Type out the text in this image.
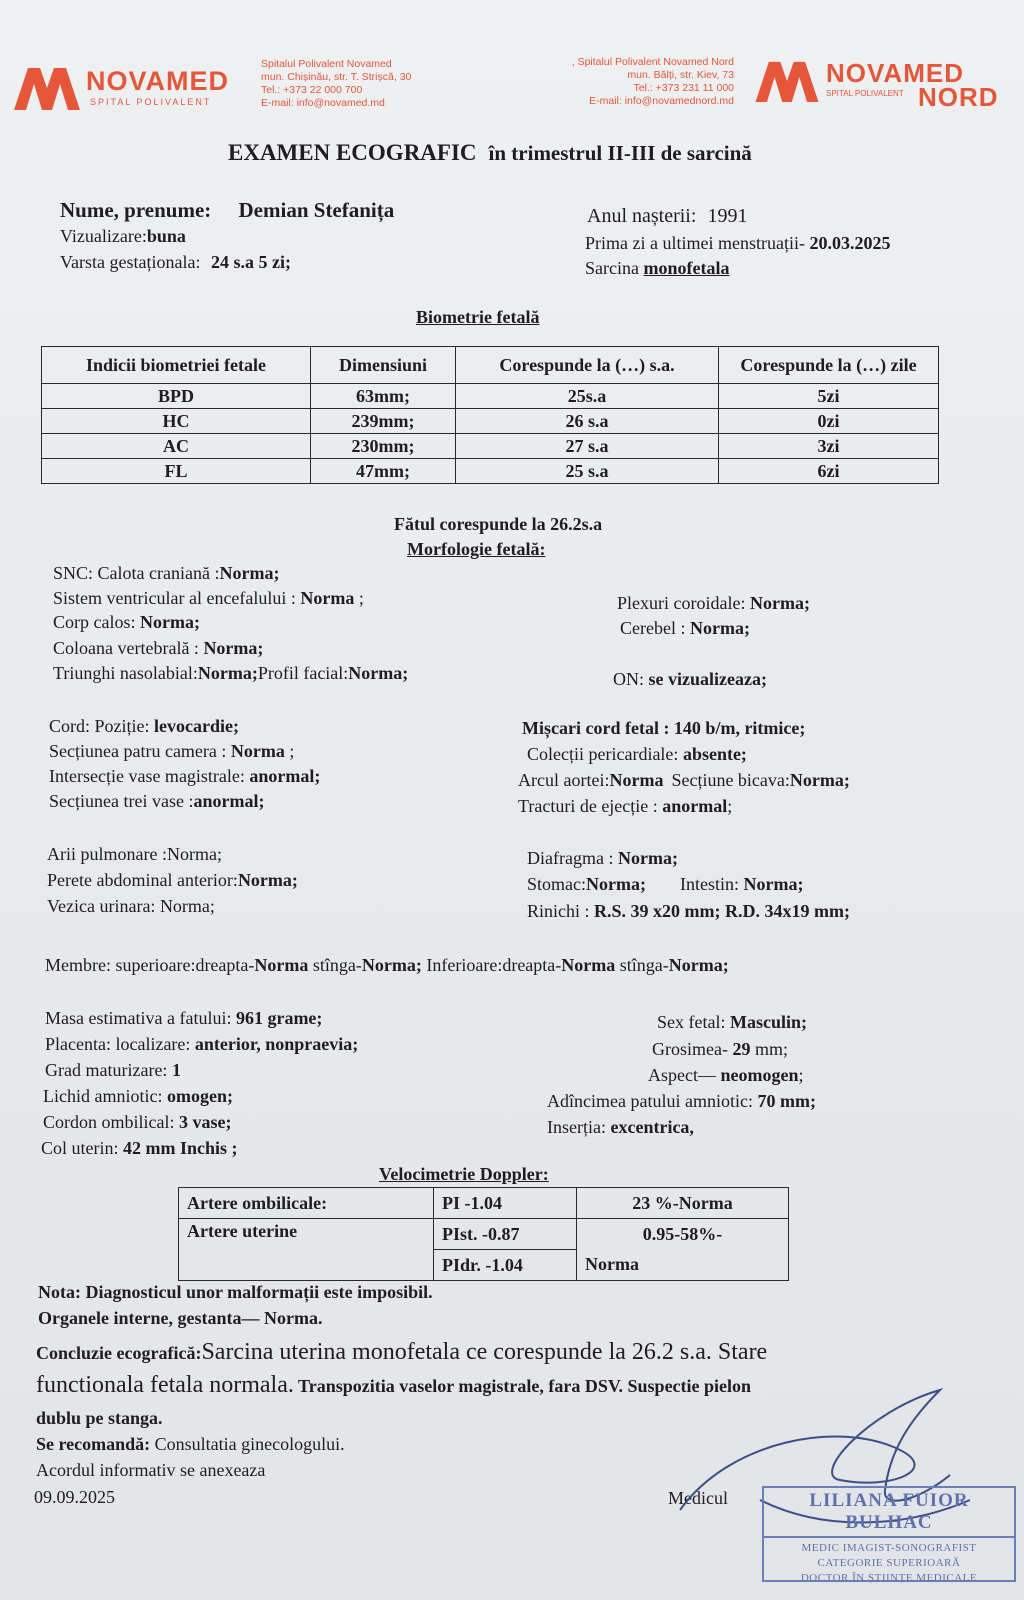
NOVAMED
SPITAL POLIVALENT
Spitalul Polivalent Novamed
mun. Chișinău, str. T. Strișcă, 30
Tel.: +373 22 000 700
E-mail: info@novamed.md
, Spitalul Polivalent Novamed Nord
mun. Bălți, str. Kiev, 73
Tel.: +373 231 11 000
E-mail: info@novamednord.md
NOVAMED
SPITAL POLIVALENT NORD
EXAMEN ECOGRAFIC în trimestrul II-III de sarcină
Nume, prenume: Demian Stefanița
Vizualizare:buna
Varsta gestaționala: 24 s.a 5 zi;
Anul nașterii: 1991
Prima zi a ultimei menstruații- 20.03.2025
Sarcina monofetala
Biometrie fetală
Indicii biometriei fetale	Dimensiuni	Corespunde la (…) s.a.	Corespunde la (…) zile
BPD	63mm;	25s.a	5zi
HC	239mm;	26 s.a	0zi
AC	230mm;	27 s.a	3zi
FL	47mm;	25 s.a	6zi
Fătul corespunde la 26.2s.a
Morfologie fetală:
SNC: Calota craniană :Norma;
Sistem ventricular al encefalului : Norma ;	Plexuri coroidale: Norma;
Corp calos: Norma;	Cerebel : Norma;
Coloana vertebrală : Norma;
Triunghi nasolabial:Norma;Profil facial:Norma;	ON: se vizualizeaza;
Cord: Poziție: levocardie;	Mișcari cord fetal : 140 b/m, ritmice;
Secțiunea patru camera : Norma ;	Colecții pericardiale: absente;
Intersecție vase magistrale: anormal;	Arcul aortei:Norma Secțiune bicava:Norma;
Secțiunea trei vase :anormal;	Tracturi de ejecție : anormal;
Arii pulmonare :Norma;	Diafragma : Norma;
Perete abdominal anterior:Norma;	Stomac:Norma; Intestin: Norma;
Vezica urinara: Norma;	Rinichi : R.S. 39 x20 mm; R.D. 34x19 mm;
Membre: superioare:dreapta-Norma stînga-Norma; Inferioare:dreapta-Norma stînga-Norma;
Masa estimativa a fatului: 961 grame;	Sex fetal: Masculin;
Placenta: localizare: anterior, nonpraevia;	Grosimea- 29 mm;
Grad maturizare: 1	Aspect— neomogen;
Lichid amniotic: omogen;	Adîncimea patului amniotic: 70 mm;
Cordon ombilical: 3 vase;	Inserția: excentrica,
Col uterin: 42 mm Inchis ;
Velocimetrie Doppler:
Artere ombilicale:	PI -1.04	23 %-Norma
Artere uterine	PIst. -0.87	0.95-58%-
	PIdr. -1.04	Norma
Nota: Diagnosticul unor malformații este imposibil.
Organele interne, gestanta— Norma.
Concluzie ecografică:Sarcina uterina monofetala ce corespunde la 26.2 s.a. Stare
functionala fetala normala. Transpozitia vaselor magistrale, fara DSV. Suspectie pielon
dublu pe stanga.
Se recomandă: Consultatia ginecologului.
Acordul informativ se anexeaza
09.09.2025	Medicul	LILIANA FUIOR BULHAC
MEDIC IMAGIST-SONOGRAFIST
CATEGORIE SUPERIOARĂ
DOCTOR ÎN ȘTIINȚE MEDICALE
